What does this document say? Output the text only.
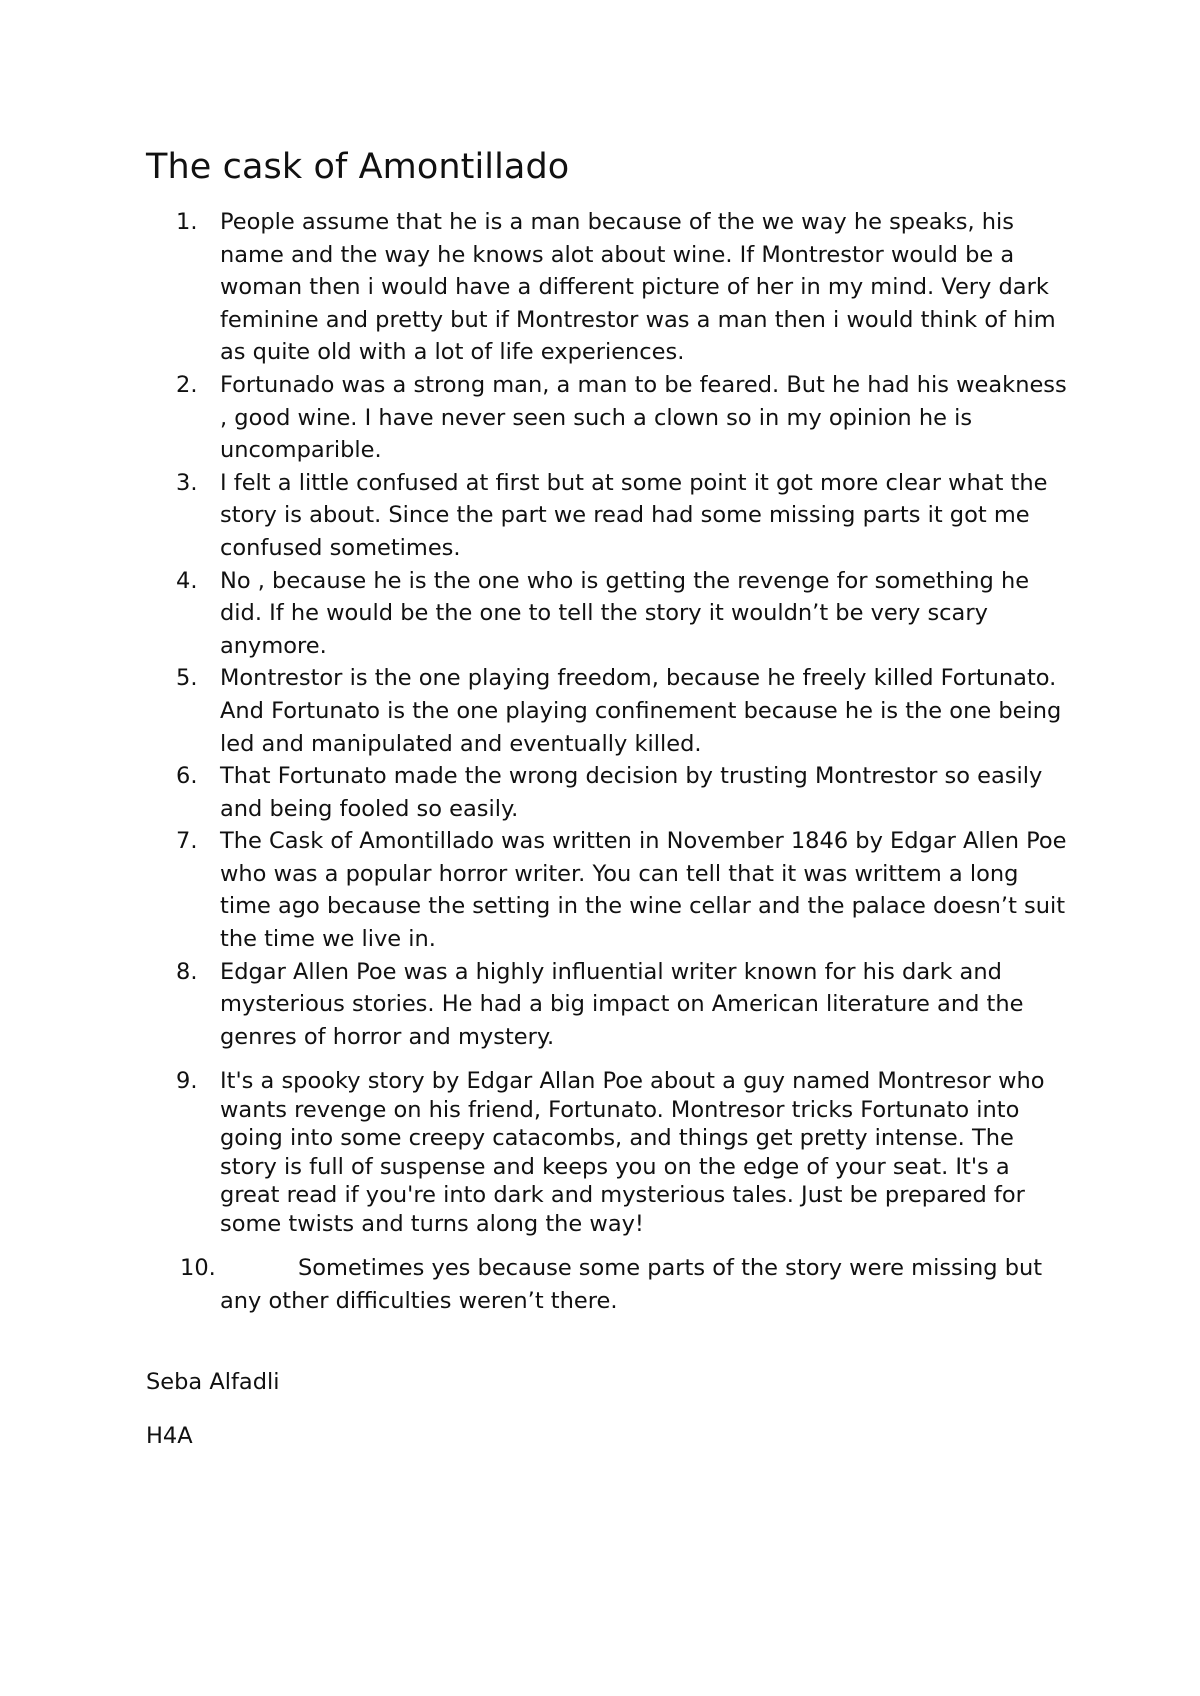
The cask of Amontillado
1. People assume that he is a man because of the we way he speaks, his name and the way he knows alot about wine. If Montrestor would be a woman then i would have a different picture of her in my mind. Very dark feminine and pretty but if Montrestor was a man then i would think of him as quite old with a lot of life experiences.
2. Fortunado was a strong man, a man to be feared. But he had his weakness , good wine. I have never seen such a clown so in my opinion he is uncomparible.
3. I felt a little confused at first but at some point it got more clear what the story is about. Since the part we read had some missing parts it got me confused sometimes.
4. No , because he is the one who is getting the revenge for something he did. If he would be the one to tell the story it wouldn’t be very scary anymore.
5. Montrestor is the one playing freedom, because he freely killed Fortunato. And Fortunato is the one playing confinement because he is the one being led and manipulated and eventually killed.
6. That Fortunato made the wrong decision by trusting Montrestor so easily and being fooled so easily.
7. The Cask of Amontillado was written in November 1846 by Edgar Allen Poe who was a popular horror writer. You can tell that it was writtem a long time ago because the setting in the wine cellar and the palace doesn’t suit the time we live in.
8. Edgar Allen Poe was a highly influential writer known for his dark and mysterious stories. He had a big impact on American literature and the genres of horror and mystery.
9. It's a spooky story by Edgar Allan Poe about a guy named Montresor who wants revenge on his friend, Fortunato. Montresor tricks Fortunato into going into some creepy catacombs, and things get pretty intense. The story is full of suspense and keeps you on the edge of your seat. It's a great read if you're into dark and mysterious tales. Just be prepared for some twists and turns along the way!
10.	Sometimes yes because some parts of the story were missing but any other difficulties weren’t there.

Seba Alfadli

H4A
